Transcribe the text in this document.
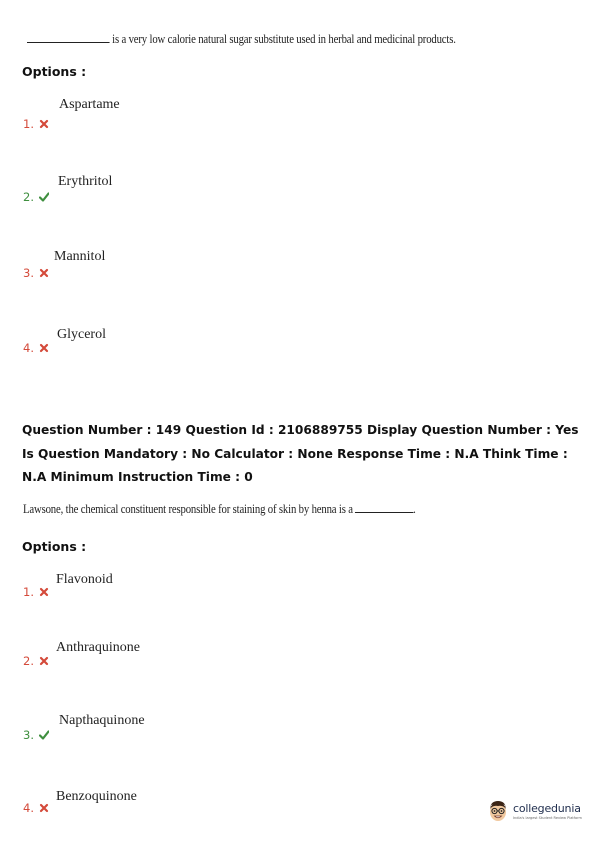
is a very low calorie natural sugar substitute used in herbal and medicinal products.
Options :
Aspartame
1.
Erythritol
2.
Mannitol
3.
Glycerol
4.
Question Number : 149 Question Id : 2106889755 Display Question Number : Yes Is Question Mandatory : No Calculator : None Response Time : N.A Think Time : N.A Minimum Instruction Time : 0
Lawsone, the chemical constituent responsible for staining of skin by henna is a	.
Options :
Flavonoid
1.
Anthraquinone
2.
Napthaquinone
3.
Benzoquinone
4.	collegedunia
India's largest Student Review Platform
